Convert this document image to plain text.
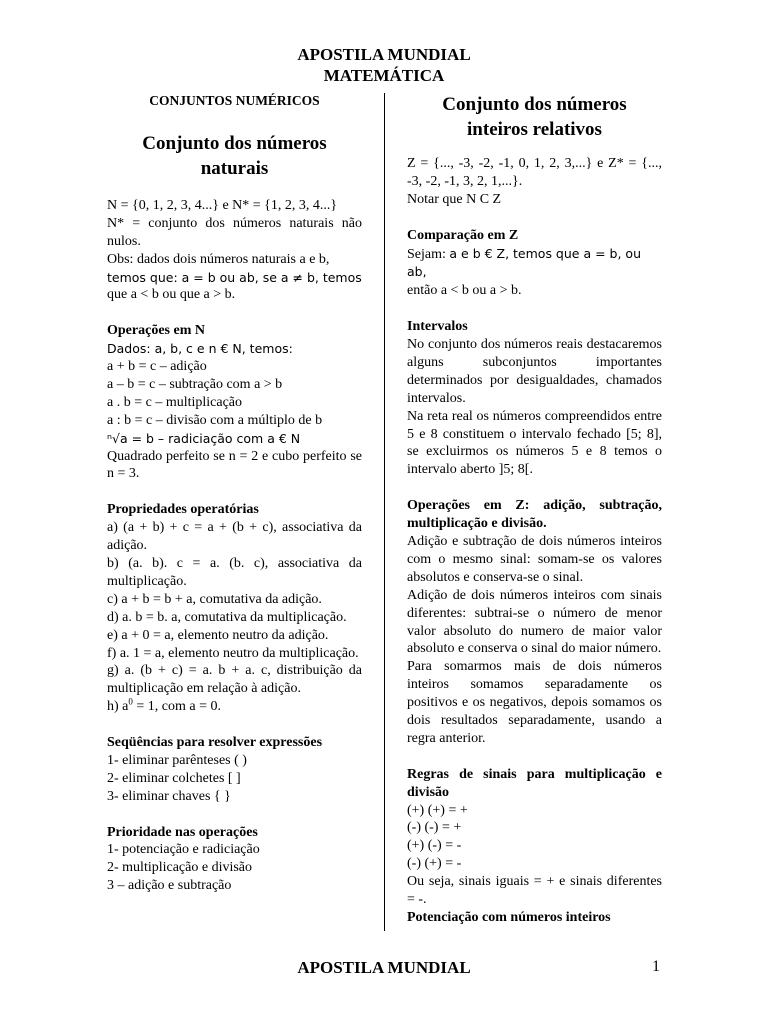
APOSTILA MUNDIAL
MATEMÁTICA

CONJUNTOS NUMÉRICOS

Conjunto dos números

naturais

N = {0, 1, 2, 3, 4...} e N* = {1, 2, 3, 4...}
N* = conjunto dos números naturais não nulos.
Obs: dados dois números naturais a e b,
temos que: a = b ou ab, se a ≠ b, temos
que a < b ou que a > b.
Operações em N
Dados: a, b, c e n € N, temos:
a + b = c – adição
a – b = c – subtração com a > b
a . b = c – multiplicação
a : b = c – divisão com a múltiplo de b
ⁿ√a = b – radiciação com a € N
Quadrado perfeito se n = 2 e cubo perfeito se n = 3.
Propriedades operatórias
a) (a + b) + c = a + (b + c), associativa da adição.
b) (a. b). c = a. (b. c), associativa da multiplicação.
c) a + b = b + a, comutativa da adição.
d) a. b = b. a, comutativa da multiplicação.
e) a + 0 = a, elemento neutro da adição.
f) a. 1 = a, elemento neutro da multiplicação.
g) a. (b + c) = a. b + a. c, distribuição da multiplicação em relação à adição.
h) $a^0 = 1$, com a = 0.
Seqüências para resolver expressões
1- eliminar parênteses ( )
2- eliminar colchetes [ ]
3- eliminar chaves { }
Prioridade nas operações
1- potenciação e radiciação
2- multiplicação e divisão
3 – adição e subtração

Conjunto dos números

inteiros relativos

Z = {..., -3, -2, -1, 0, 1, 2, 3,...} e Z* = {..., -3, -2, -1, 3, 2, 1,...}.
Notar que N C Z
Comparação em Z
Sejam: a e b € Z, temos que a = b, ou ab,
então a < b ou a > b.
Intervalos
No conjunto dos números reais destacaremos alguns subconjuntos importantes determinados por desigualdades, chamados intervalos.
Na reta real os números compreendidos entre 5 e 8 constituem o intervalo fechado [5; 8], se excluirmos os números 5 e 8 temos o intervalo aberto ]5; 8[.
Operações em Z: adição, subtração, multiplicação e divisão.
Adição e subtração de dois números inteiros com o mesmo sinal: somam-se os valores absolutos e conserva-se o sinal.
Adição de dois números inteiros com sinais diferentes: subtrai-se o número de menor valor absoluto do numero de maior valor absoluto e conserva o sinal do maior número.
Para somarmos mais de dois números inteiros somamos separadamente os positivos e os negativos, depois somamos os dois resultados separadamente, usando a regra anterior.
Regras de sinais para multiplicação e divisão
(+) (+) = +
(-) (-) = +
(+) (-) = -
(-) (+) = -
Ou seja, sinais iguais = + e sinais diferentes = -.
Potenciação com números inteiros
APOSTILA MUNDIAL	1
